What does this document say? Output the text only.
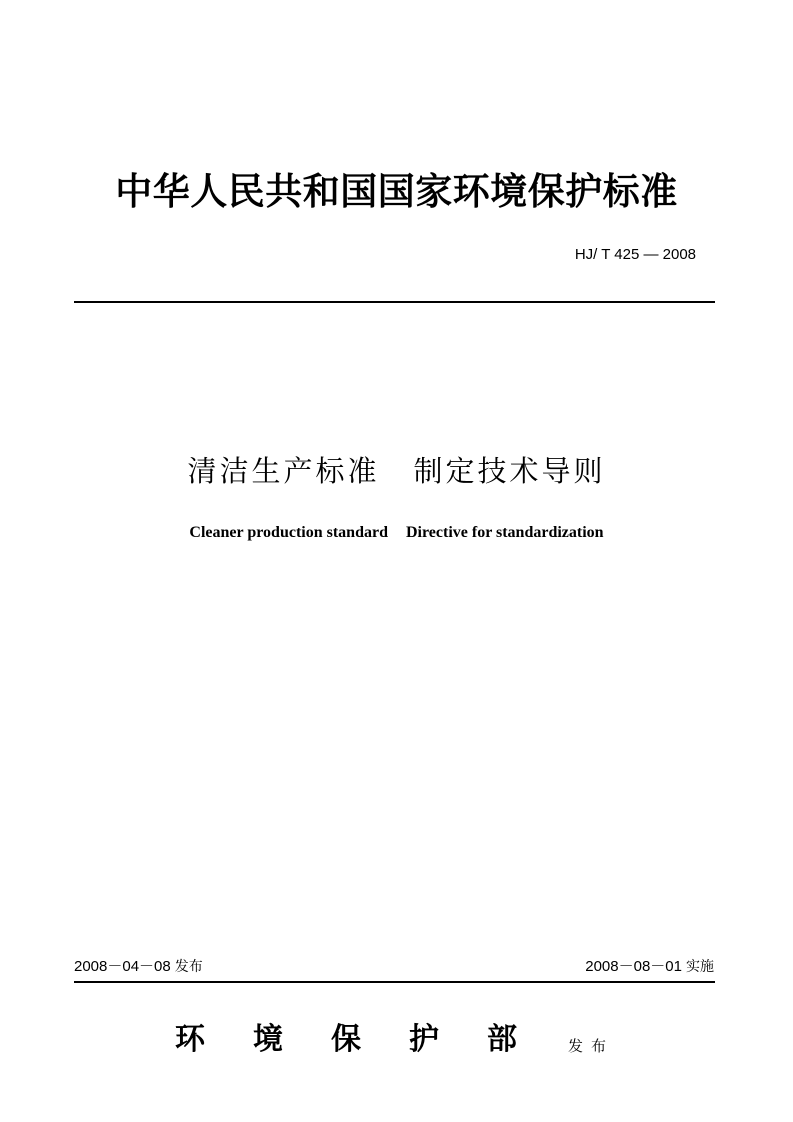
中华人民共和国国家环境保护标准
HJ/ T 425 — 2008
清洁生产标准 制定技术导则
Cleaner production standard Directive for standardization
2008－04－08 发布	2008－08－01 实施
环境保护部 发布
